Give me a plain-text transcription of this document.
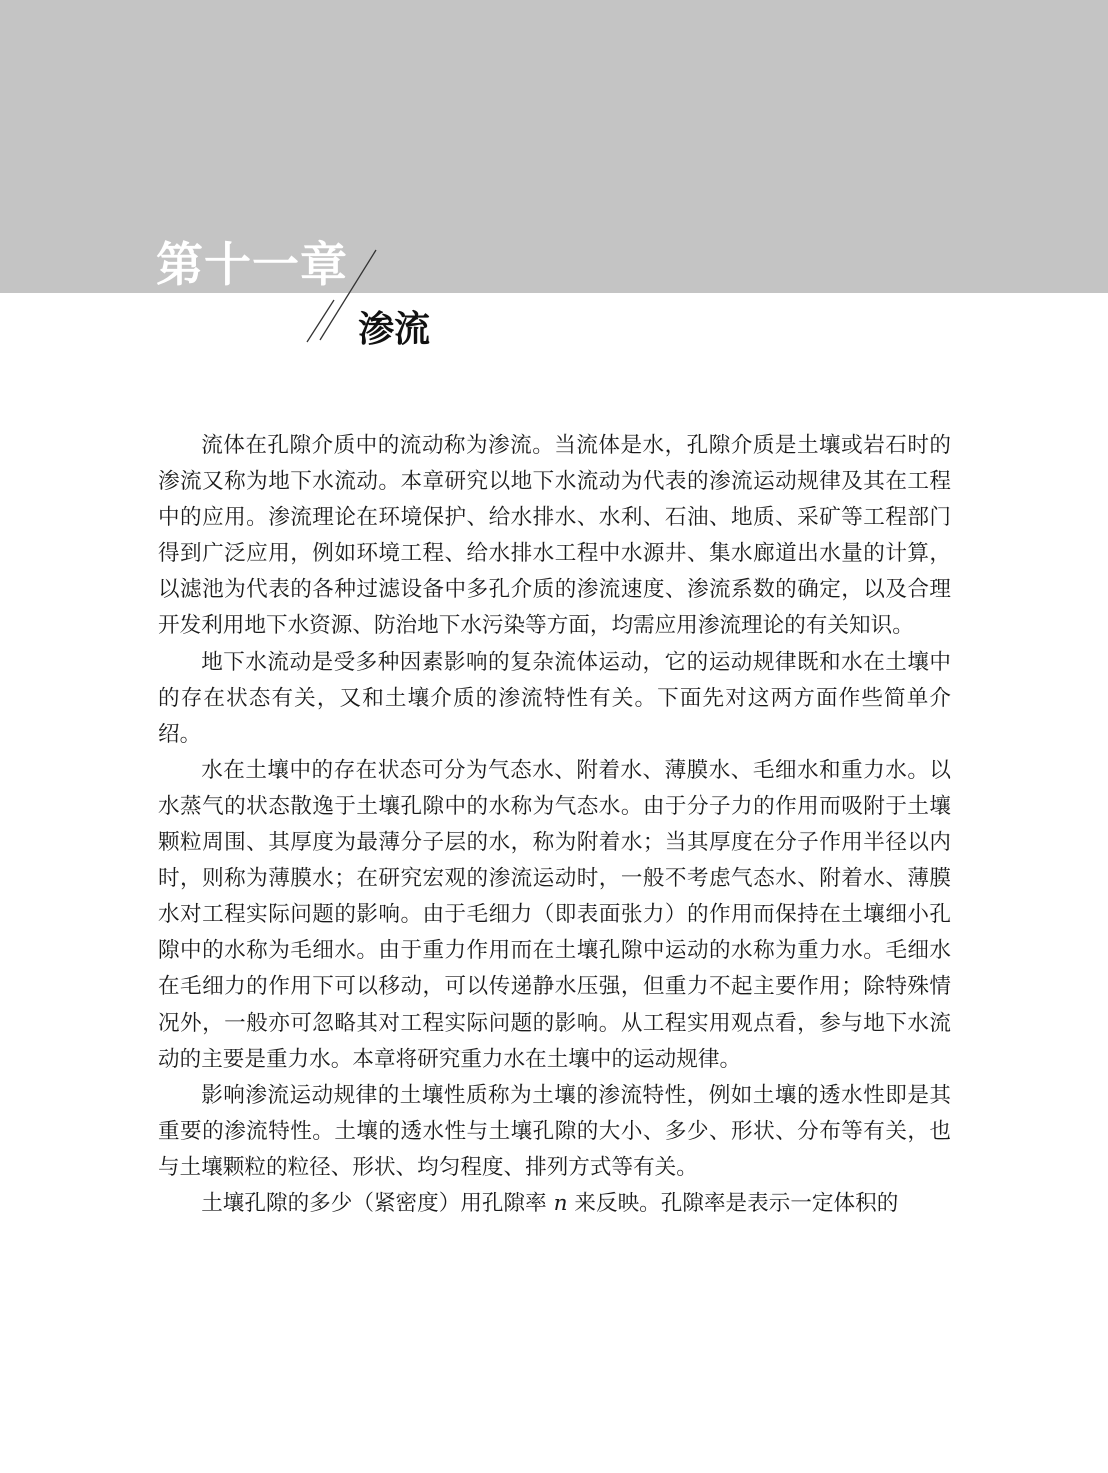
第十一章
渗流

流体在孔隙介质中的流动称为渗流。当流体是水，孔隙介质是土壤或岩石时的渗流又称为地下水流动。本章研究以地下水流动为代表的渗流运动规律及其在工程中的应用。渗流理论在环境保护、给水排水、水利、石油、地质、采矿等工程部门得到广泛应用，例如环境工程、给水排水工程中水源井、集水廊道出水量的计算，以滤池为代表的各种过滤设备中多孔介质的渗流速度、渗流系数的确定，以及合理开发利用地下水资源、防治地下水污染等方面，均需应用渗流理论的有关知识。

地下水流动是受多种因素影响的复杂流体运动，它的运动规律既和水在土壤中的存在状态有关，又和土壤介质的渗流特性有关。下面先对这两方面作些简单介绍。

水在土壤中的存在状态可分为气态水、附着水、薄膜水、毛细水和重力水。以水蒸气的状态散逸于土壤孔隙中的水称为气态水。由于分子力的作用而吸附于土壤颗粒周围、其厚度为最薄分子层的水，称为附着水；当其厚度在分子作用半径以内时，则称为薄膜水；在研究宏观的渗流运动时，一般不考虑气态水、附着水、薄膜水对工程实际问题的影响。由于毛细力（即表面张力）的作用而保持在土壤细小孔隙中的水称为毛细水。由于重力作用而在土壤孔隙中运动的水称为重力水。毛细水在毛细力的作用下可以移动，可以传递静水压强，但重力不起主要作用；除特殊情况外，一般亦可忽略其对工程实际问题的影响。从工程实用观点看，参与地下水流动的主要是重力水。本章将研究重力水在土壤中的运动规律。

影响渗流运动规律的土壤性质称为土壤的渗流特性，例如土壤的透水性即是其重要的渗流特性。土壤的透水性与土壤孔隙的大小、多少、形状、分布等有关，也与土壤颗粒的粒径、形状、均匀程度、排列方式等有关。

土壤孔隙的多少（紧密度）用孔隙率 n 来反映。孔隙率是表示一定体积的
